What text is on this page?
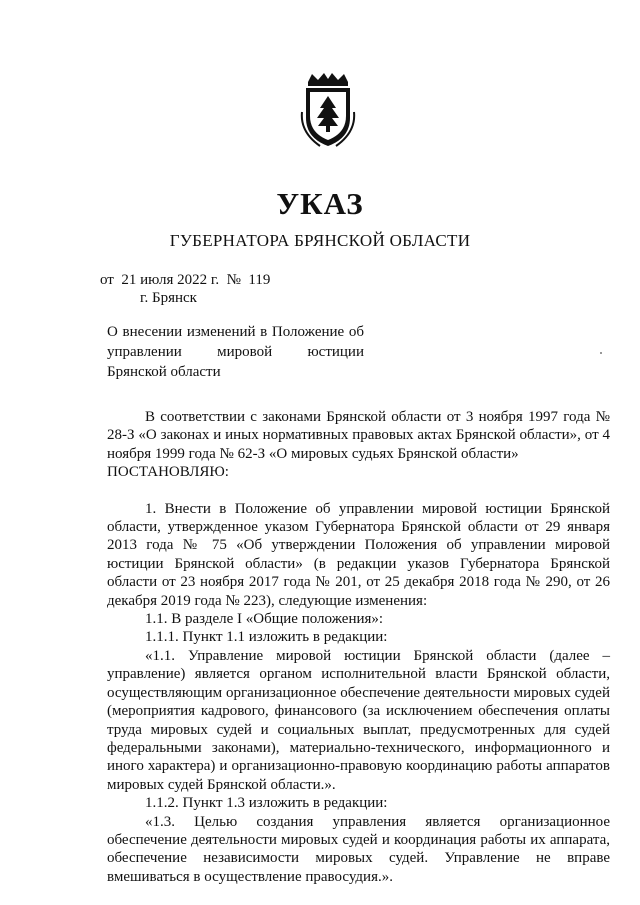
УКАЗ
ГУБЕРНАТОРА БРЯНСКОЙ ОБЛАСТИ
от  21 июля 2022 г.  №  119
г. Брянск
О внесении изменений в Положение об управлении мировой юстиции Брянской области

В соответствии с законами Брянской области от 3 ноября 1997 года № 28-З «О законах и иных нормативных правовых актах Брянской области», от 4 ноября 1999 года № 62-З «О мировых судьях Брянской области»

ПОСТАНОВЛЯЮ:

1. Внести в Положение об управлении мировой юстиции Брянской области, утвержденное указом Губернатора Брянской области от 29 января 2013 года № 75 «Об утверждении Положения об управлении мировой юстиции Брянской области» (в редакции указов Губернатора Брянской области от 23 ноября 2017 года № 201, от 25 декабря 2018 года № 290, от 26 декабря 2019 года № 223), следующие изменения:

1.1. В разделе I «Общие положения»:

1.1.1. Пункт 1.1 изложить в редакции:

«1.1. Управление мировой юстиции Брянской области (далее – управление) является органом исполнительной власти Брянской области, осуществляющим организационное обеспечение деятельности мировых судей (мероприятия кадрового, финансового (за исключением обеспечения оплаты труда мировых судей и социальных выплат, предусмотренных для судей федеральными законами), материально-технического, информационного и иного характера) и организационно-правовую координацию работы аппаратов мировых судей Брянской области.».

1.1.2. Пункт 1.3 изложить в редакции:

«1.3. Целью создания управления является организационное обеспечение деятельности мировых судей и координация работы их аппарата, обеспечение независимости мировых судей. Управление не вправе вмешиваться в осуществление правосудия.».
